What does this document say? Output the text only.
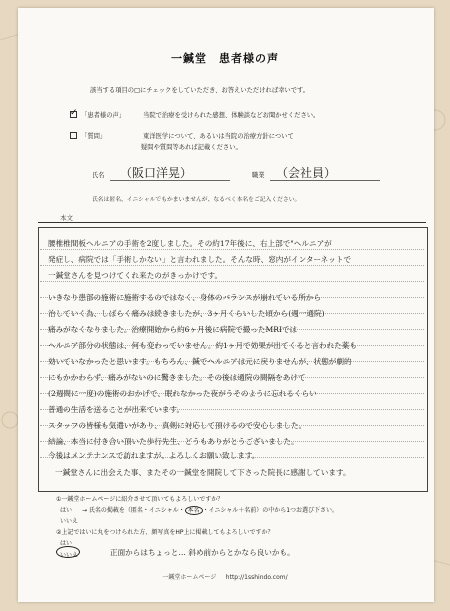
一鍼堂　患者様の声
該当する項目の□にチェックをしていただき、お答えいただければ幸いです。
✓ 「患者様の声」	当院で治療を受けられた感想、体験談などお聞かせください。
「質問」	東洋医学について、あるいは当院の治療方針について
疑問や質問等あれば記載ください。
氏名 （阪口洋晃）	職業 （会社員）
氏名は匿名、イニシャルでもかまいませんが、なるべく本名をご記入ください。
本文
腰椎椎間板ヘルニアの手術を2度しました。その約17年後に、右上部で"ヘルニアが
発症し、病院では「手術しかない」と言われました。そんな時、窓内がインターネットで
一鍼堂さんを見つけてくれ来たのがきっかけです。
いきなり患部の施術に施術するのではなく、身体のバランスが崩れている所から
治していく為、しばらく痛みは続きましたが、3ヶ月くらいした頃から(週一通院)
痛みがなくなりました。治療開始から約6ヶ月後に病院で撮ったMRIでは
ヘルニア部分の状態は、何も変わっていません。約1ヶ月で効果が出てくると言われた薬も
効いていなかったと思います。もちろん、鍼でヘルニアは元に戻りませんが、状態が劇的
にもかかわらず、痛みがないのに驚きました。その後は通院の間隔をあけて
(2週間に一度)の施術のおかげで、眠れなかった夜がうそのように忘れるくらい
普通の生活を送ることが出来ています。
スタッフの皆様も気遣いがあり、真剣に対応して頂けるので安心しました。
結論、本当に付き合い頂いた歩行先生、どうもありがとうございました。
今後はメンテナンスで訪れますが、よろしくお願い致します。
一鍼堂さんに出会えた事、またその一鍼堂を開院して下さった院長に感謝しています。
①一鍼堂ホームページに紹介させて頂いてもよろしいですか？
はい → 氏名の掲載を（匿名・イニシャル・ 本名 ・イニシャル＋名前）の中から1つお選び下さい。
いいえ
②上記ではいに丸をつけられた方、顔写真をHP上に掲載してもよろしいですか？
はい
いいえ	正面からはちょっと… 斜め前からとかなら良いかも。
一鍼堂ホームページ http://1sshindo.com/
